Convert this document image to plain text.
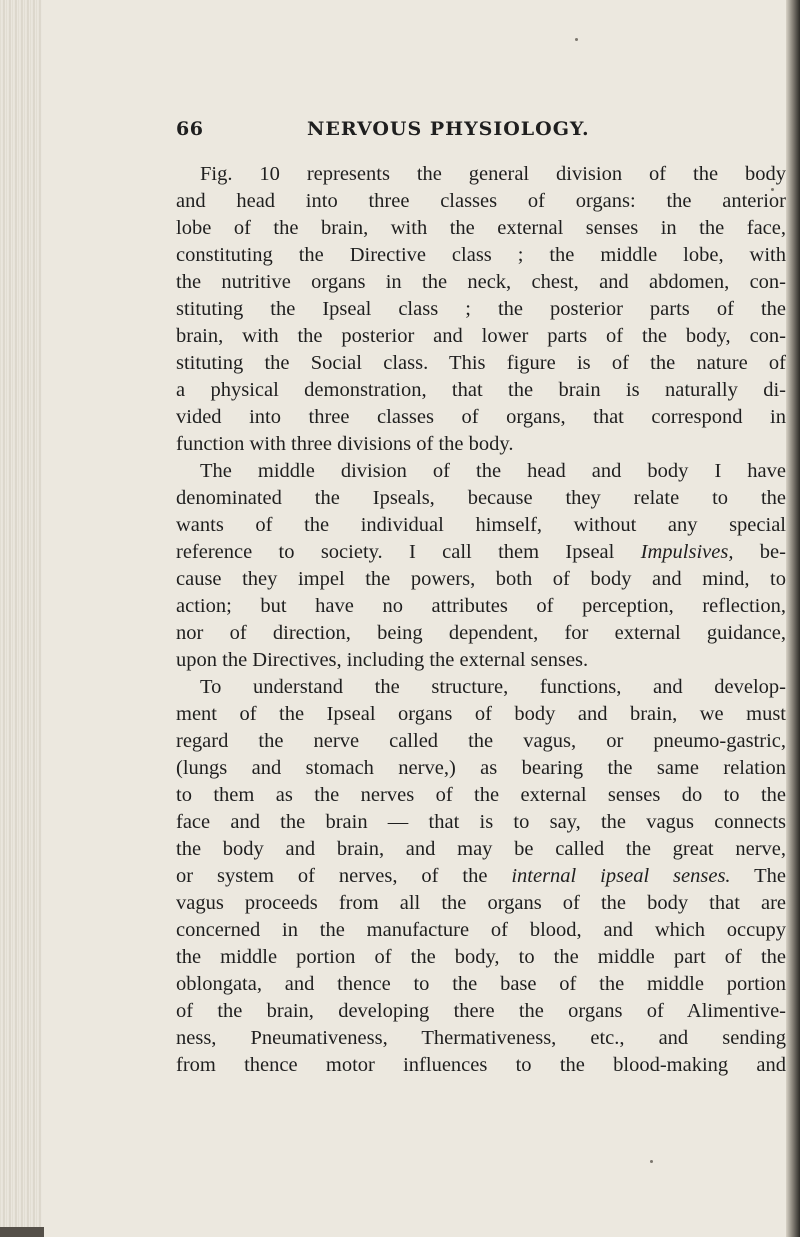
66	NERVOUS PHYSIOLOGY.
Fig. 10 represents the general division of the body
and head into three classes of organs: the anterior
lobe of the brain, with the external senses in the face,
constituting the Directive class ; the middle lobe, with
the nutritive organs in the neck, chest, and abdomen, con-
stituting the Ipseal class ; the posterior parts of the
brain, with the posterior and lower parts of the body, con-
stituting the Social class. This figure is of the nature of
a physical demonstration, that the brain is naturally di-
vided into three classes of organs, that correspond in
function with three divisions of the body.
The middle division of the head and body I have
denominated the Ipseals, because they relate to the
wants of the individual himself, without any special
reference to society. I call them Ipseal Impulsives, be-
cause they impel the powers, both of body and mind, to
action; but have no attributes of perception, reflection,
nor of direction, being dependent, for external guidance,
upon the Directives, including the external senses.
To understand the structure, functions, and develop-
ment of the Ipseal organs of body and brain, we must
regard the nerve called the vagus, or pneumo-gastric,
(lungs and stomach nerve,) as bearing the same relation
to them as the nerves of the external senses do to the
face and the brain — that is to say, the vagus connects
the body and brain, and may be called the great nerve,
or system of nerves, of the internal ipseal senses. The
vagus proceeds from all the organs of the body that are
concerned in the manufacture of blood, and which occupy
the middle portion of the body, to the middle part of the
oblongata, and thence to the base of the middle portion
of the brain, developing there the organs of Alimentive-
ness, Pneumativeness, Thermativeness, etc., and sending
from thence motor influences to the blood-making and
